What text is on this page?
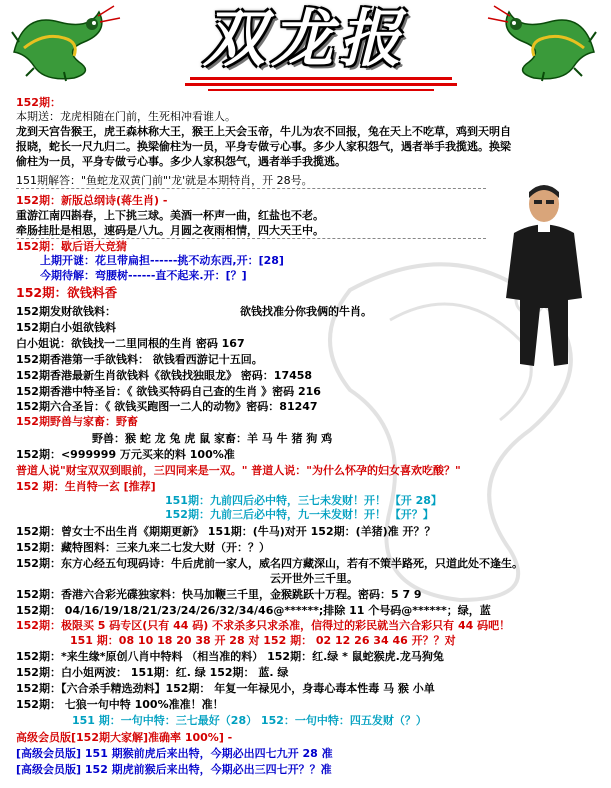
双龙报
152期：
本期送：龙虎相随在门前，生死相冲看谁人。
龙到天宫告猴王，虎王森林称大王，猴王上天会玉帝，牛儿为农不回报，兔在天上不吃草，鸡到天明自
报晓，蛇长一尺九归二。换梁偷柱为一员，平身专做亏心事。多少人家积怨气，遇者举手我揽逃。换梁
偷柱为一员，平身专做亏心事。多少人家积怨气，遇者举手我揽逃。
151期解答："鱼蛇龙双黄门前"'龙'就是本期特肖，开 28号。
152期：新版总纲诗(蒋生肖) -
重游江南四斟春，上下挑三球。美酒一杯声一曲，红盐也不老。
牵肠挂肚是相思，速码是八九。月圆之夜雨相情，四大天王中。
152期：歇后语大竞猜
上期开谜：花旦带扁担------挑不动东西,开：[28]
今期待解：弯腰树------直不起来.开：[？]
152期：欲钱料香
152期发财欲钱料：	欲钱找准分你我俩的牛肖。
152期白小姐欲钱料
白小姐说：欲钱找一二里同根的生肖 密码 167
152期香港第一手欲钱料： 欲钱看西游记十五回。
152期香港最新生肖欲钱料《欲钱找独眼龙》 密码：17458
152期香港中特圣旨：《 欲钱买特码自己查的生肖 》密码 216
152期六合圣旨：《 欲钱买跑图一二人的动物》密码：81247
152期野兽与家畜：野畜
野兽：猴 蛇 龙 兔 虎 鼠 家畜：羊 马 牛 猪 狗 鸡
152期：<999999 万元买来的料 100%准
普道人说"财宝双双到眼前，三四同来是一双。" 普道人说："为什么怀孕的妇女喜欢吃酸？"
152 期：生肖特一玄 [推荐]
151期：九前四后必中特，三七未发财！开！ 【开 28】
152期：九前三后必中特，九一未发财！开！ 【开？】
152期：曾女士不出生肖《期期更新》 151期：(牛马)对开 152期：(羊猪)准 开？？
152期：藏特图料：三来九来二七发大财（开：？）
152期：东方心经五句现码诗：牛后虎前一家人，威名四方藏深山，若有不策半路死，只道此处不逢生。
云开世外三千里。
152期：香港六合彩光碟独家料：快马加鞭三千里，金猴跳跃十万程。密码：5 7 9
152期： 04/16/19/18/21/23/24/26/32/34/46@******;排除 11 个号码@******；绿，蓝
152期：极限买 5 码专区(只有 44 码) 不求杀多只求杀准，信得过的彩民就当六合彩只有 44 码吧！
151 期：08 10 18 20 38 开 28 对 152 期： 02 12 26 34 46 开？？对
152期：*来生缘*原创八肖中特料 （相当准的料） 152期：红.绿 * 鼠蛇猴虎.龙马狗兔
152期：白小姐两波： 151期：红. 绿 152期： 蓝. 绿
152期：【六合杀手精选劲料】152期： 年复一年禄见小，身毒心毒本性毒 马 猴 小单
152期： 七狼一句中特 100%准准！准！
151 期：一句中特：三七最好（28） 152：一句中特：四五发财（？）
高级会员版[152期大家解]准确率 100%] -
[高级会员版] 151 期猴前虎后来出特，今期必出四七九开 28 准
[高级会员版] 152 期虎前猴后来出特，今期必出三四七开？？准
